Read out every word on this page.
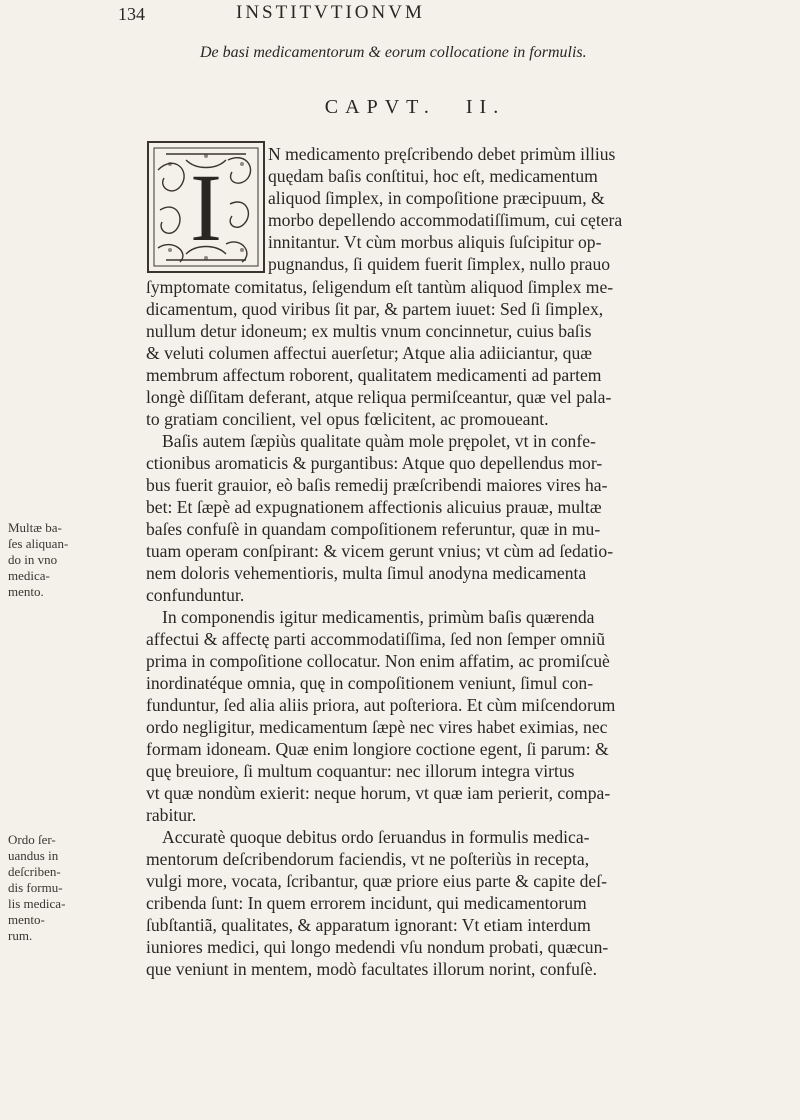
134	INSTITVTIONVM
De basi medicamentorum & eorum collocatione in formulis.
CAPVT. II.
I	N medicamento pręſcribendo debet primùm illius
quędam baſis conſtitui, hoc eſt, medicamentum
aliquod ſimplex, in compoſitione præcipuum, &
morbo depellendo accommodatiſſimum, cui cętera
innitantur. Vt cùm morbus aliquis ſuſcipitur op-
pugnandus, ſi quidem fuerit ſimplex, nullo prauo
ſymptomate comitatus, ſeligendum eſt tantùm aliquod ſimplex me-
dicamentum, quod viribus ſit par, & partem iuuet: Sed ſi ſimplex,
nullum detur idoneum; ex multis vnum concinnetur, cuius baſis
& veluti columen affectui auerſetur; Atque alia adiiciantur, quæ
membrum affectum roborent, qualitatem medicamenti ad partem
longè diſſitam deferant, atque reliqua permiſceantur, quæ vel pala-
to gratiam concilient, vel opus fœlicitent, ac promoueant.
Baſis autem ſæpiùs qualitate quàm mole prępolet, vt in confe-
ctionibus aromaticis & purgantibus: Atque quo depellendus mor-
bus fuerit grauior, eò baſis remedij præſcribendi maiores vires ha-
bet: Et ſæpè ad expugnationem affectionis alicuius prauæ, multæ
baſes confuſè in quandam compoſitionem referuntur, quæ in mu-
tuam operam conſpirant: & vicem gerunt vnius; vt cùm ad ſedatio-
nem doloris vehementioris, multa ſimul anodyna medicamenta
confunduntur.
In componendis igitur medicamentis, primùm baſis quærenda
affectui & affectę parti accommodatiſſima, ſed non ſemper omniũ
prima in compoſitione collocatur. Non enim affatim, ac promiſcuè
inordinatéque omnia, quę in compoſitionem veniunt, ſimul con-
funduntur, ſed alia aliis priora, aut poſteriora. Et cùm miſcendorum
ordo negligitur, medicamentum ſæpè nec vires habet eximias, nec
formam idoneam. Quæ enim longiore coctione egent, ſi parum: &
quę breuiore, ſi multum coquantur: nec illorum integra virtus
vt quæ nondùm exierit: neque horum, vt quæ iam perierit, compa-
rabitur.
Accuratè quoque debitus ordo ſeruandus in formulis medica-
mentorum deſcribendorum faciendis, vt ne poſteriùs in recepta,
vulgi more, vocata, ſcribantur, quæ priore eius parte & capite deſ-
cribenda ſunt: In quem errorem incidunt, qui medicamentorum
ſubſtantiã, qualitates, & apparatum ignorant: Vt etiam interdum
iuniores medici, qui longo medendi vſu nondum probati, quæcun-
que veniunt in mentem, modò facultates illorum norint, confuſè.
Multæ ba-
ſes aliquan-
do in vno
medica-
mento.
Ordo ſer-
uandus in
deſcriben-
dis formu-
lis medica-
mento-
rum.
